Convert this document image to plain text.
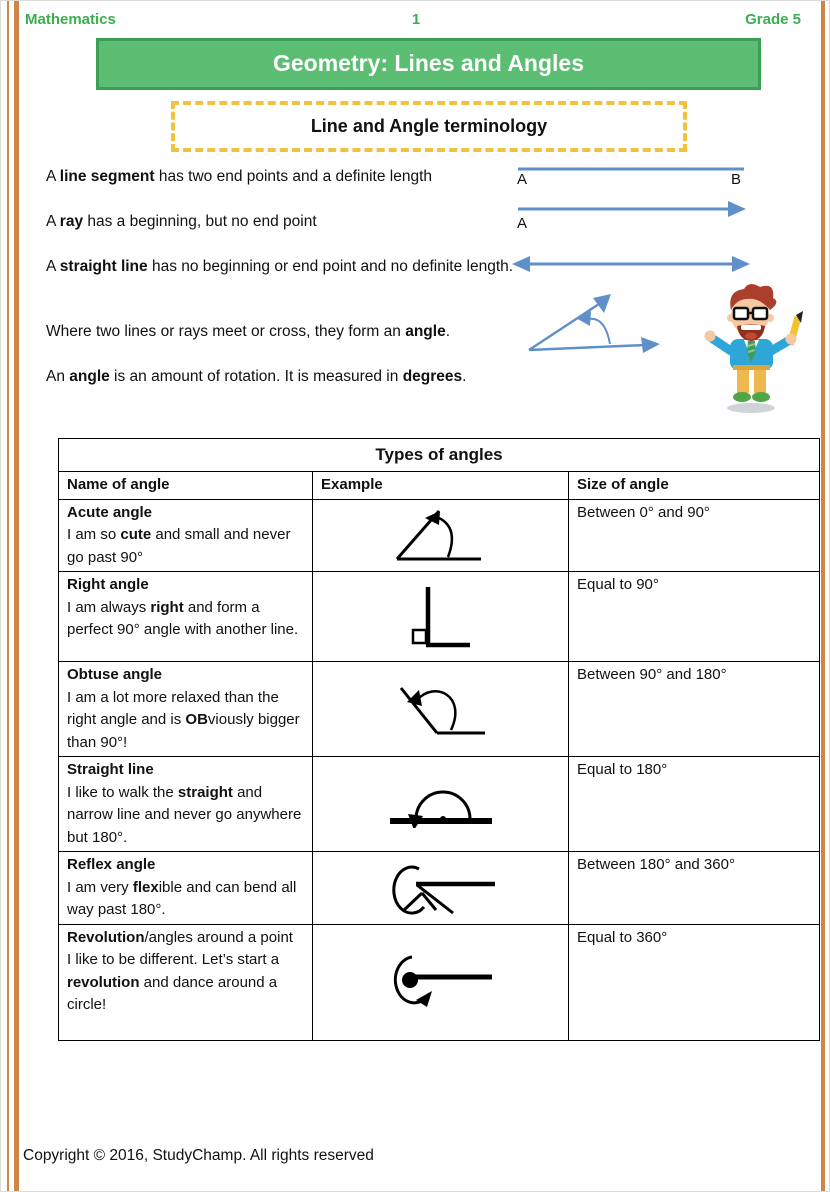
Mathematics	1	Grade 5
Geometry: Lines and Angles
Line and Angle terminology
A line segment has two end points and a definite length
A ray has a beginning, but no end point
A straight line has no beginning or end point and no definite length.
Where two lines or rays meet or cross, they form an angle.
An angle is an amount of rotation. It is measured in degrees.
A	B
A
Types of angles		
Name of angle	Example	Size of angle
Acute angle
I am so cute and small and never go past 90°		Between 0° and 90°
Right angle
I am always right and form a perfect 90° angle with another line.		Equal to 90°
Obtuse angle
I am a lot more relaxed than the right angle and is OBviously bigger than 90°!		Between 90° and 180°
Straight line
I like to walk the straight and narrow line and never go anywhere but 180°.		Equal to 180°
Reflex angle
I am very flexible and can bend all way past 180°.		Between 180° and 360°
Revolution/angles around a point
I like to be different. Let’s start a revolution and dance around a circle!		Equal to 360°
Copyright © 2016, StudyChamp. All rights reserved
